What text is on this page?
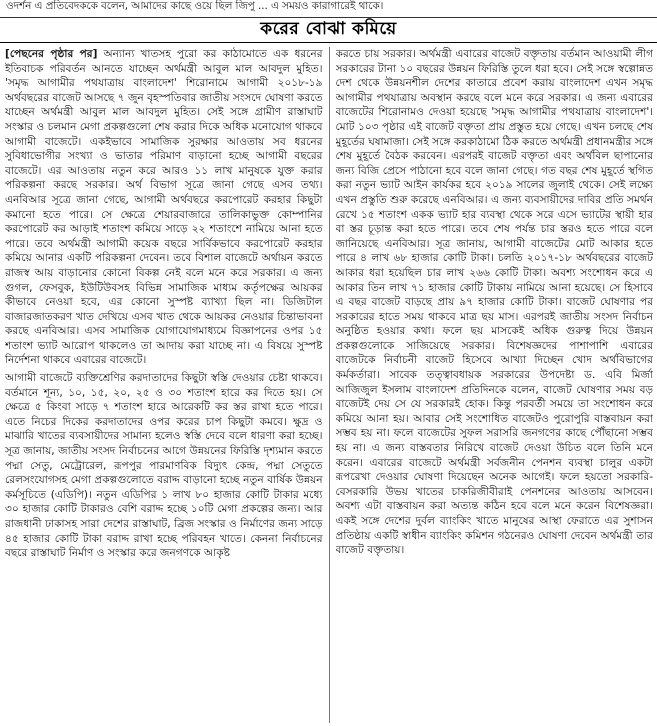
ওদর্শন এ প্রতিবেদককে বলেন, আমাদের কাছে ওয়ে ছিল জিপু ... এ সময়ও কারাগারেই থাকে।
করের বোঝা কমিয়ে

[পেছনের পৃষ্ঠার পর] অন্যান্য খাতসহ পুরো কর কাঠামোতে এক ধরনের ইতিবাচক পরিবর্তন আনতে যাচ্ছেন অর্থমন্ত্রী আবুল মাল আবদুল মুহিত। 'সমৃদ্ধ আগামীর পথযাত্রায় বাংলাদেশ' শিরোনামে আগামী ২০১৮-১৯ অর্থবছরের বাজেট আসছে ৭ জুন বৃহস্পতিবার জাতীয় সংসদে ঘোষণা করতে যাচ্ছেন অর্থমন্ত্রী আবুল মাল আবদুল মুহিত। সেই সঙ্গে গ্রামীণ রাস্তাঘাট সংস্কার ও চলমান মেগা প্রকল্পগুলো শেষ করার দিকে অধিক মনোযোগ থাকবে আগামী বাজেটে। একইভাবে সামাজিক সুরক্ষার আওতায় সব ধরনের সুবিধাভোগীর সংখ্যা ও ভাতার পরিমাণ বাড়ানো হচ্ছে আগামী বছরের বাজেটে। এর আওতায় নতুন করে আরও ১১ লাখ মানুষকে যুক্ত করার পরিকল্পনা করছে সরকার। অর্থ বিভাগ সূত্রে জানা গেছে এসব তথ্য। এনবিআর সূত্রে জানা গেছে, আগামী অর্থবছরে করপোরেট করহার কিছুটা কমানো হতে পারে। সে ক্ষেত্রে শেয়ারবাজারে তালিকাভুক্ত কোম্পানির করপোরেট কর আড়াই শতাংশ কমিয়ে সাড়ে ২২ শতাংশে নামিয়ে আনা হতে পারে। তবে অর্থমন্ত্রী আগামী কয়েক বছরে সার্বিকভাবে করপোরেট করহার কমিয়ে আনার একটি পরিকল্পনা দেবেন। তবে বিশাল বাজেটে অর্থায়ন করতে রাজস্ব আয় বাড়ানোর কোনো বিকল্প নেই বলে মনে করে সরকার। এ জন্য গুগল, ফেসবুক, ইউটিউবসহ বিভিন্ন সামাজিক মাধ্যম কর্তৃপক্ষের আয়কর কীভাবে নেওয়া হবে, এর কোনো সুস্পষ্ট ব্যাখ্যা ছিল না। ডিজিটাল বাজারজাতকরণ খাত দেখিয়ে এসব খাত থেকে আয়কর নেওয়ার চিন্তাভাবনা করছে এনবিআর। এসব সামাজিক যোগাযোগমাধ্যমে বিজ্ঞাপনের ওপর ১৫ শতাংশ ভ্যাট আরোপ থাকলেও তা আদায় করা যাচ্ছে না। এ বিষয়ে সুস্পষ্ট নির্দেশনা থাকবে এবারের বাজেটে।

আগামী বাজেটে ব্যক্তিশ্রেণির করদাতাদের কিছুটা স্বস্তি দেওয়ার চেষ্টা থাকবে। বর্তমানে শূন্য, ১০, ১৫, ২০, ২৫ ও ৩০ শতাংশ হারে কর দিতে হয়। সে ক্ষেত্রে ৫ কিংবা সাড়ে ৭ শতাংশ হারে আরেকটি কর স্তর রাখা হতে পারে। এতে নিচের দিকের করদাতাদের ওপর করের চাপ কিছুটা কমবে। ক্ষুদ্র ও মাঝারি খাতের ব্যবসায়ীদের সামান্য হলেও স্বস্তি দেবে বলে ধারণা করা হচ্ছে। সূত্র জানায়, জাতীয় সংসদ নির্বাচনের আগে উন্নয়নের ফিরিস্তি দৃশ্যমান করতে পদ্মা সেতু, মেট্রোরেল, রূপপুর পারমাণবিক বিদ্যুৎ কেন্দ্র, পদ্মা সেতুতে রেলসংযোগসহ মেগা প্রকল্পগুলোতে বরাদ্দ বাড়ানো হচ্ছে নতুন বার্ষিক উন্নয়ন কর্মসূচিতে (এডিপি)। নতুন এডিপির ১ লাখ ৮০ হাজার কোটি টাকার মধ্যে ৩০ হাজার কোটি টাকারও বেশি বরাদ্দ হচ্ছে ১০টি মেগা প্রকল্পের জন্য। আর রাজধানী ঢাকাসহ সারা দেশের রাস্তাঘাট, ব্রিজ সংস্কার ও নির্মাণের জন্য সাড়ে ৪৫ হাজার কোটি টাকা বরাদ্দ রাখা হচ্ছে পরিবহন খাতে। কেননা নির্বাচনের বছরে রাস্তাঘাট নির্মাণ ও সংস্কার করে জনগণকে আকৃষ্ট

করতে চায় সরকার। অর্থমন্ত্রী এবারের বাজেট বক্তৃতায় বর্তমান আওয়ামী লীগ সরকারের টানা ১০ বছরের উন্নয়ন ফিরিস্তি তুলে ধরা হবে। সেই সঙ্গে স্বল্পোন্নত দেশ থেকে উন্নয়নশীল দেশের কাতারে প্রবেশ করায় বাংলাদেশ এখন সমৃদ্ধ আগামীর পথযাত্রায় অবস্থান করছে বলে মনে করে সরকার। এ জন্য এবারের বাজেটের শিরোনামও দেওয়া হয়েছে 'সমৃদ্ধ আগামীর পথযাত্রায় বাংলাদেশ'। মোট ১০৩ পৃষ্ঠার এই বাজেট বক্তৃতা প্রায় প্রস্তুত হয়ে গেছে। এখন চলছে শেষ মুহূর্তের ঘষামাজা। সেই সঙ্গে করকাঠামো ঠিক করতে অর্থমন্ত্রী প্রধানমন্ত্রীর সঙ্গে শেষ মুহূর্তে বৈঠক করবেন। এরপরই বাজেট বক্তৃতা এবং অর্থবিল ছাপানোর জন্য বিজি প্রেসে পাঠানো হবে বলে জানা গেছে। গত বছর শেষ মুহূর্তে স্থগিত করা নতুন ভ্যাট আইন কার্যকর হবে ২০১৯ সালের জুলাই থেকে। সেই লক্ষ্যে এখন প্রস্তুতি শুরু করেছে এনবিআর। এ জন্য ব্যবসায়ীদের দাবির প্রতি সমর্থন রেখে ১৫ শতাংশ একক ভ্যাট হার ব্যবস্থা থেকে সরে এসে ভ্যাটের স্থায়ী হার বা স্তর চূড়ান্ত করা হতে পারে। তবে শেষ পর্যন্ত চার স্তরও হতে পারে বলে জানিয়েছে এনবিআর। সূত্র জানায়, আগামী বাজেটের মোট আকার হতে পারে ৪ লাখ ৬৮ হাজার কোটি টাকা। চলতি ২০১৭-১৮ অর্থবছরের বাজেট আকার ধরা হয়েছিল চার লাখ ২৬৬ কোটি টাকা। অবশ্য সংশোধন করে এ আকার তিন লাখ ৭১ হাজার কোটি টাকায় নামিয়ে আনা হয়েছে। সে হিসাবে এ বছর বাজেট বাড়ছে প্রায় ৯৭ হাজার কোটি টাকা। বাজেট ঘোষণার পর সরকারের হাতে সময় থাকবে মাত্র ছয় মাস। এরপরই জাতীয় সংসদ নির্বাচন অনুষ্ঠিত হওয়ার কথা। ফলে ছয় মাসকেই অধিক গুরুত্ব দিয়ে উন্নয়ন প্রকল্পগুলোকে সাজিয়েছে সরকার। বিশেষজ্ঞদের পাশাপাশি এবারের বাজেটকে নির্বাচনী বাজেট হিসেবে আখ্যা দিচ্ছেন খোদ অর্থবিভাগের কর্মকর্তারা। সাবেক তত্ত্বাবধায়ক সরকারের উপদেষ্টা ড. এবি মির্জা আজিজুল ইসলাম বাংলাদেশ প্রতিদিনকে বলেন, বাজেট ঘোষণার সময় বড় বাজেটই দেয় সে যে সরকারই হোক। কিন্তু পরবর্তী সময়ে তা সংশোধন করে কমিয়ে আনা হয়। আবার সেই সংশোধিত বাজেটও পুরোপুরি বাস্তবায়ন করা সম্ভব হয় না। ফলে বাজেটের সুফল সরাসরি জনগণের কাছে পৌঁছানো সম্ভব হয় না। এ জন্য বাস্তবতার নিরিখে বাজেট দেওয়া উচিত বলে তিনি মনে করেন। এবারের বাজেটে অর্থমন্ত্রী সর্বজনীন পেনশন ব্যবস্থা চালুর একটা রূপরেখা দেওয়ার ঘোষণা দিয়েছেন অনেক আগেই। ফলে হয়তো সরকারি-বেসরকারি উভয় খাতের চাকরিজীবীরাই পেনশনের আওতায় আসবেন। অবশ্য এটা বাস্তবায়ন করা অত্যন্ত কঠিন হবে বলে মনে করেন বিশেষজ্ঞরা। একই সঙ্গে দেশের দুর্বল ব্যাংকিং খাতে মানুষের আস্থা ফেরাতে এর সুশাসন প্রতিষ্ঠায় একটি স্বাধীন ব্যাংকিং কমিশন গঠনেরও ঘোষণা দেবেন অর্থমন্ত্রী তার বাজেট বক্তৃতায়।
